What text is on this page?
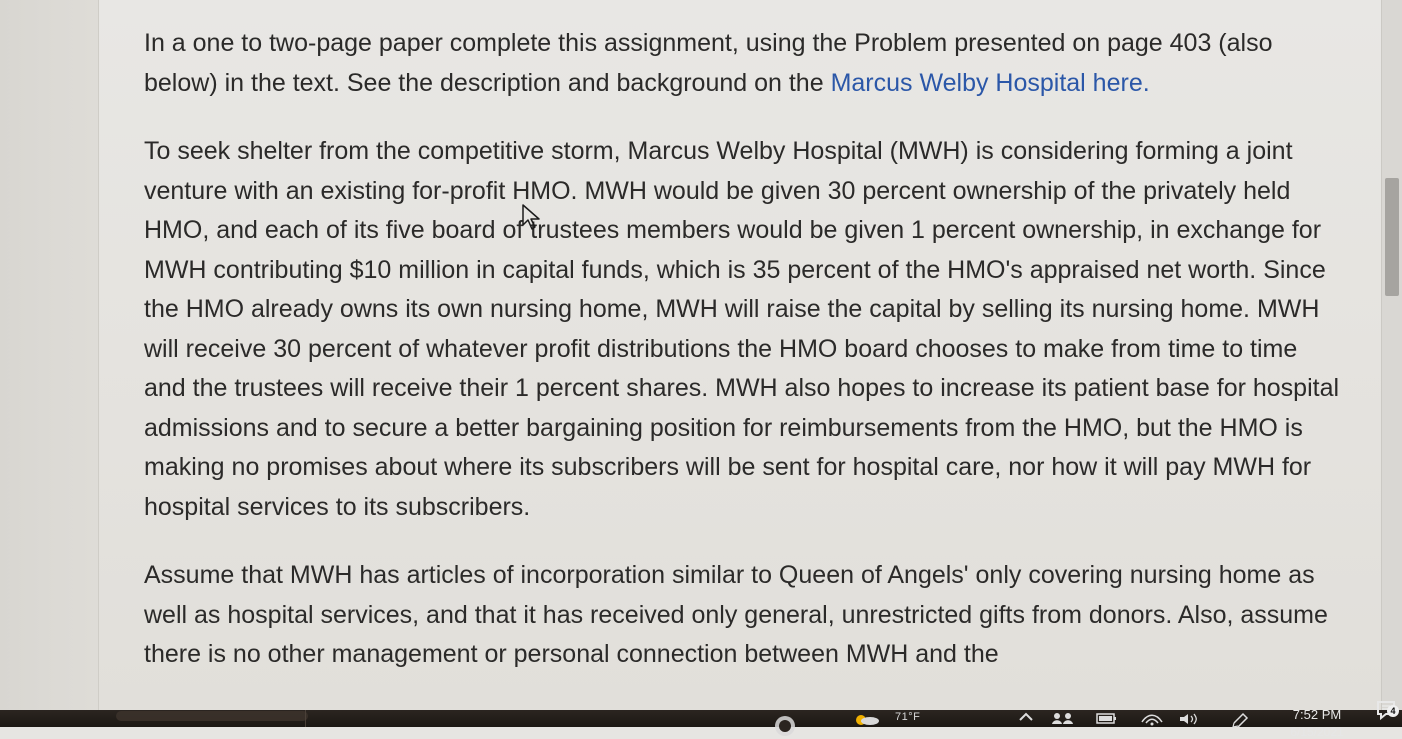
In a one to two-page paper complete this assignment, using the Problem presented on page 403 (also below) in the text. See the description and background on the Marcus Welby Hospital here.

To seek shelter from the competitive storm, Marcus Welby Hospital (MWH) is considering forming a joint venture with an existing for-profit HMO. MWH would be given 30 percent ownership of the privately held HMO, and each of its five board of trustees members would be given 1 percent ownership, in exchange for MWH contributing $10 million in capital funds, which is 35 percent of the HMO's appraised net worth. Since the HMO already owns its own nursing home, MWH will raise the capital by selling its nursing home. MWH will receive 30 percent of whatever profit distributions the HMO board chooses to make from time to time and the trustees will receive their 1 percent shares. MWH also hopes to increase its patient base for hospital admissions and to secure a better bargaining position for reimbursements from the HMO, but the HMO is making no promises about where its subscribers will be sent for hospital care, nor how it will pay MWH for hospital services to its subscribers.

Assume that MWH has articles of incorporation similar to Queen of Angels' only covering nursing home as well as hospital services, and that it has received only general, unrestricted gifts from donors. Also, assume there is no other management or personal connection between MWH and the

71°F	7:52 PM
6/15/2021
4
